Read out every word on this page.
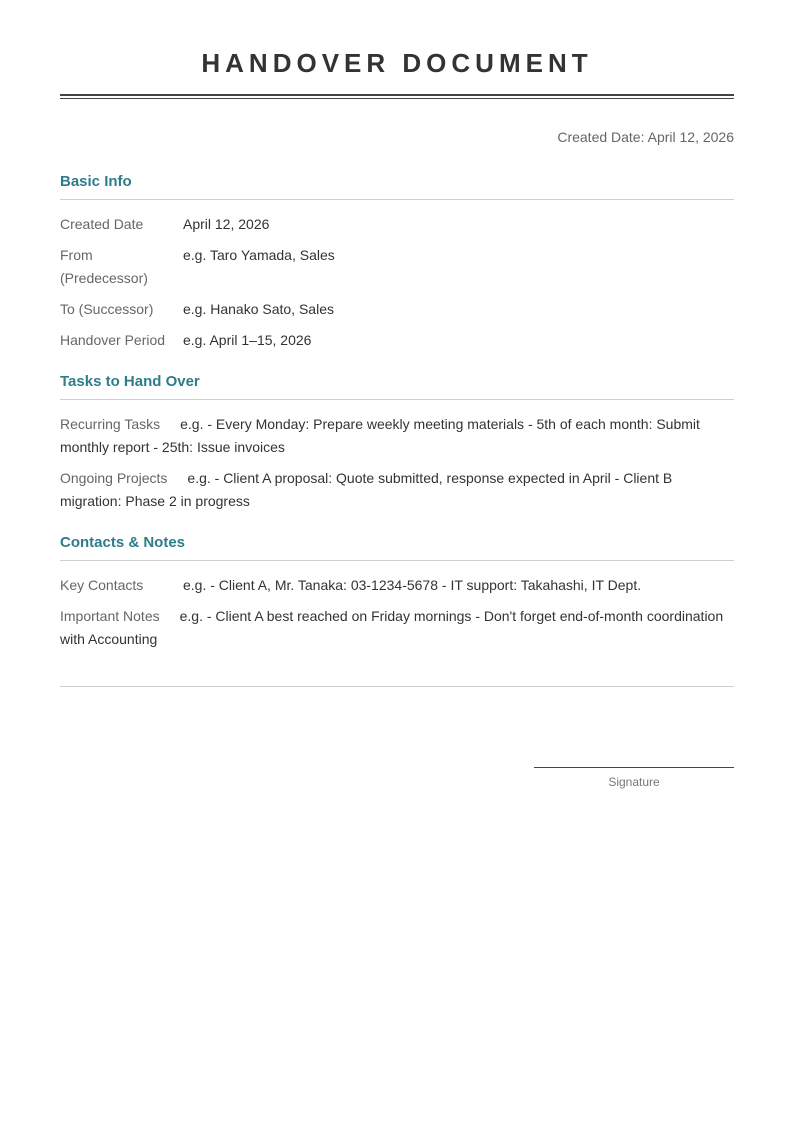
HANDOVER DOCUMENT
Created Date: April 12, 2026
Basic Info
Created Date	April 12, 2026
From (Predecessor)e.g. Taro Yamada, Sales
To (Successor) e.g. Hanako Sato, Sales
Handover Period e.g. April 1–15, 2026
Tasks to Hand Over
Recurring Tasks e.g. - Every Monday: Prepare weekly meeting materials - 5th of each month: Submit monthly report - 25th: Issue invoices
Ongoing Projects e.g. - Client A proposal: Quote submitted, response expected in April - Client B migration: Phase 2 in progress
Contacts & Notes
Key Contacts	e.g. - Client A, Mr. Tanaka: 03-1234-5678 - IT support: Takahashi, IT Dept.
Important Notes e.g. - Client A best reached on Friday mornings - Don't forget end-of-month coordination with Accounting
Signature
